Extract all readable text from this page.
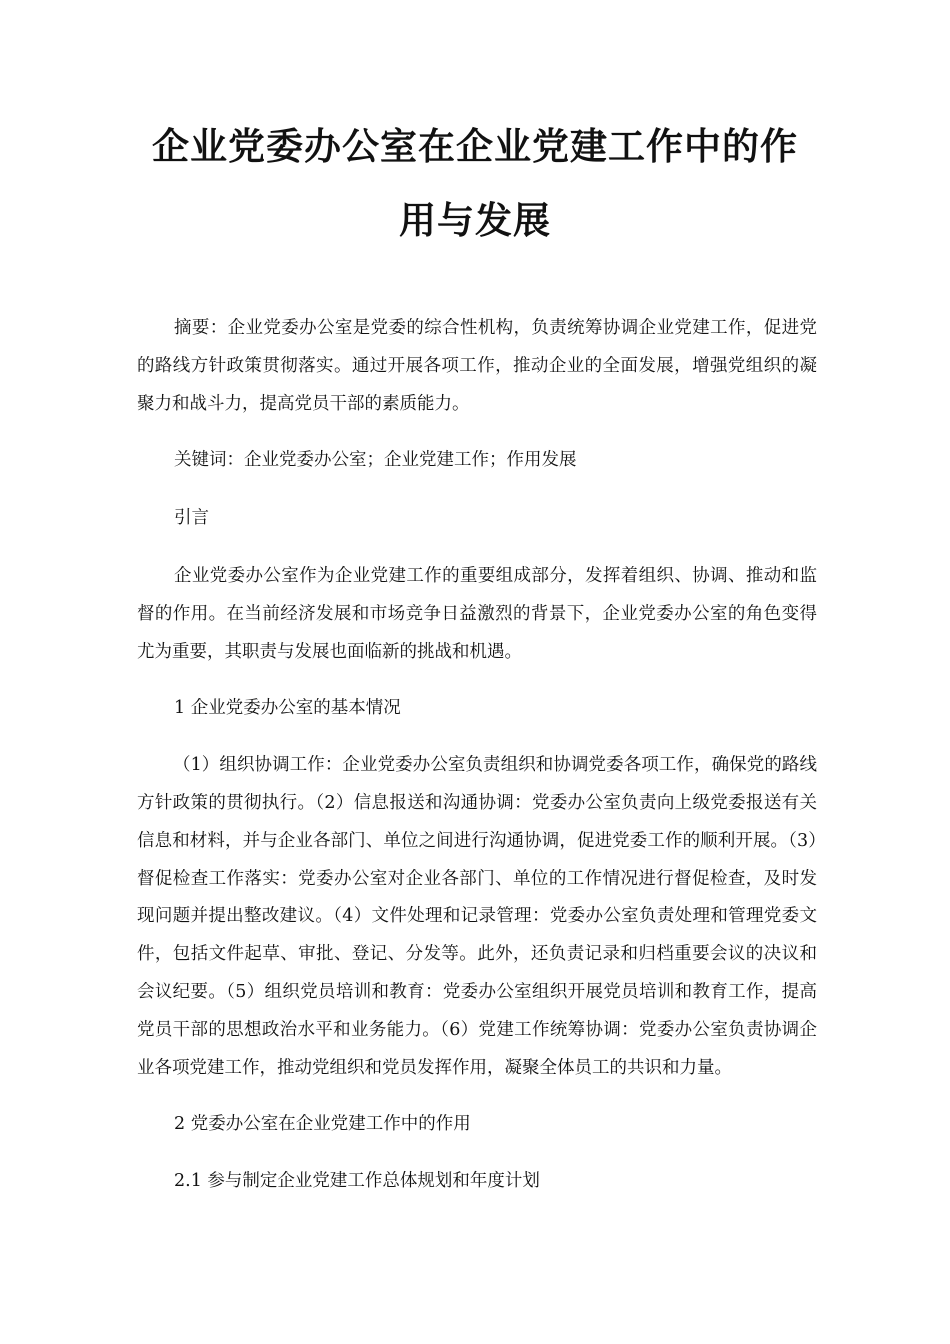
企业党委办公室在企业党建工作中的作
用与发展

摘要：企业党委办公室是党委的综合性机构，负责统筹协调企业党建工作，促进党的路线方针政策贯彻落实。通过开展各项工作，推动企业的全面发展，增强党组织的凝聚力和战斗力，提高党员干部的素质能力。

关键词：企业党委办公室；企业党建工作；作用发展

引言

企业党委办公室作为企业党建工作的重要组成部分，发挥着组织、协调、推动和监督的作用。在当前经济发展和市场竞争日益激烈的背景下，企业党委办公室的角色变得尤为重要，其职责与发展也面临新的挑战和机遇。

1 企业党委办公室的基本情况

（1）组织协调工作：企业党委办公室负责组织和协调党委各项工作，确保党的路线方针政策的贯彻执行。（2）信息报送和沟通协调：党委办公室负责向上级党委报送有关信息和材料，并与企业各部门、单位之间进行沟通协调，促进党委工作的顺利开展。（3）督促检查工作落实：党委办公室对企业各部门、单位的工作情况进行督促检查，及时发现问题并提出整改建议。（4）文件处理和记录管理：党委办公室负责处理和管理党委文件，包括文件起草、审批、登记、分发等。此外，还负责记录和归档重要会议的决议和会议纪要。（5）组织党员培训和教育：党委办公室组织开展党员培训和教育工作，提高党员干部的思想政治水平和业务能力。（6）党建工作统筹协调：党委办公室负责协调企业各项党建工作，推动党组织和党员发挥作用，凝聚全体员工的共识和力量。

2 党委办公室在企业党建工作中的作用

2.1 参与制定企业党建工作总体规划和年度计划
